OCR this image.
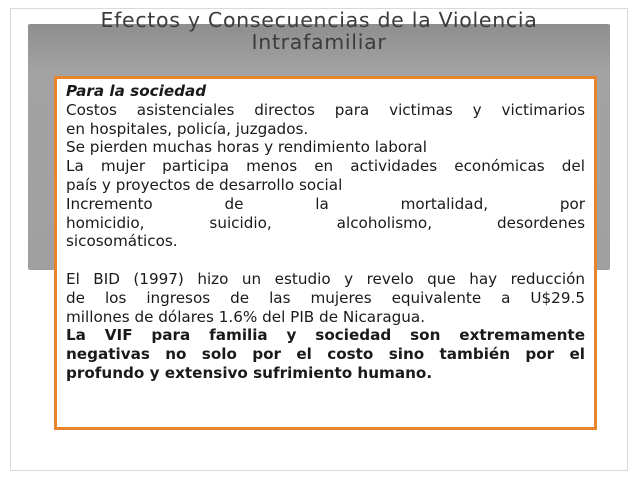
Efectos y Consecuencias de la Violencia
Intrafamiliar

Para la sociedad

Costos asistenciales directos para victimas y victimarios

en hospitales, policía, juzgados.

Se pierden muchas horas y rendimiento laboral

La mujer participa menos en actividades económicas del

país y proyectos de desarrollo social

Incremento de la mortalidad, por

homicidio, suicidio, alcoholismo, desordenes

sicosomáticos.

El BID (1997) hizo un estudio y revelo que hay reducción

de los ingresos de las mujeres equivalente a U$29.5

millones de dólares 1.6% del PIB de Nicaragua.

La VIF para familia y sociedad son extremamente

negativas no solo por el costo sino también por el

profundo y extensivo sufrimiento humano.
